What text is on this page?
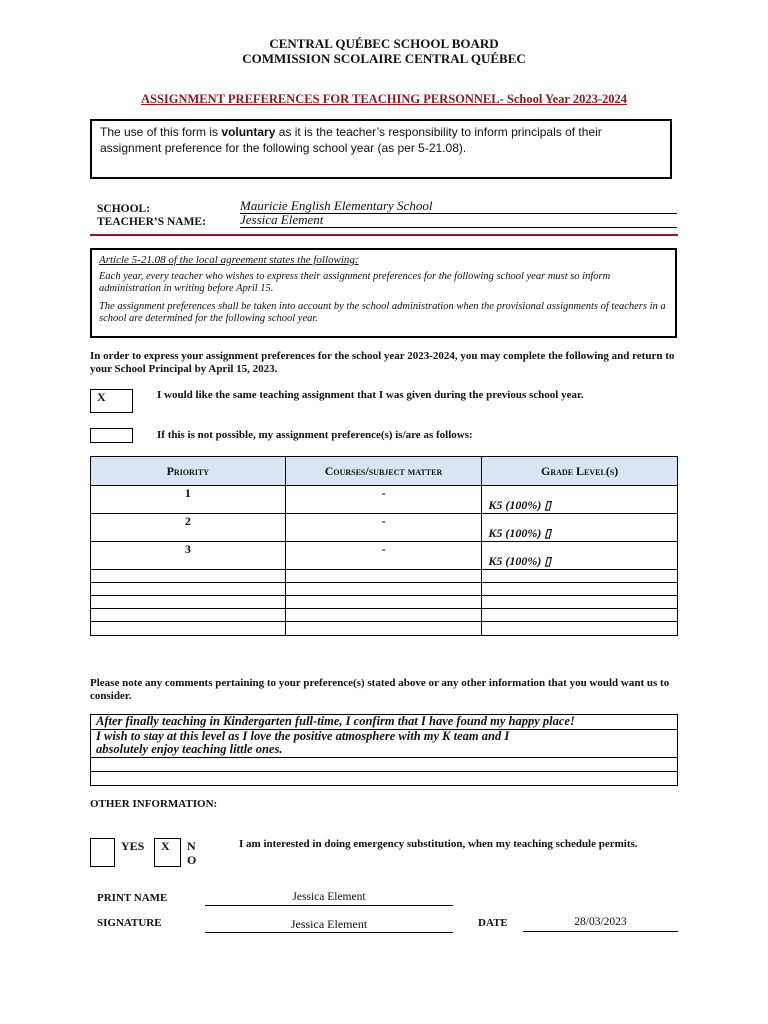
CENTRAL QUÉBEC SCHOOL BOARD
COMMISSION SCOLAIRE CENTRAL QUÉBEC
ASSIGNMENT PREFERENCES FOR TEACHING PERSONNEL- School Year 2023-2024
The use of this form is voluntary as it is the teacher’s responsibility to inform principals of their assignment preference for the following school year (as per 5-21.08).
SCHOOL:	Mauricie English Elementary School
TEACHER’S NAME:	Jessica Element
Article 5-21.08 of the local agreement states the following:
Each year, every teacher who wishes to express their assignment preferences for the following school year must so inform administration in writing before April 15.
The assignment preferences shall be taken into account by the school administration when the provisional assignments of teachers in a school are determined for the following school year.
In order to express your assignment preferences for the school year 2023-2024, you may complete the following and return to your School Principal by April 15, 2023.
X	I would like the same teaching assignment that I was given during the previous school year.
If this is not possible, my assignment preference(s) is/are as follows:
Priority	Courses/subject matter	Grade Level(s)
1	-	K5 (100%) ▯
2	-	K5 (100%) ▯
3	-	K5 (100%) ▯

Please note any comments pertaining to your preference(s) stated above or any other information that you would want us to consider.
After finally teaching in Kindergarten full-time, I confirm that I have found my happy place!
I wish to stay at this level as I love the positive atmosphere with my K team and I
absolutely enjoy teaching little ones.
OTHER INFORMATION:
YES	X	N
O
I am interested in doing emergency substitution, when my teaching schedule permits.
PRINT NAME	Jessica Element
SIGNATURE	Jessica Element	DATE	28/03/2023
